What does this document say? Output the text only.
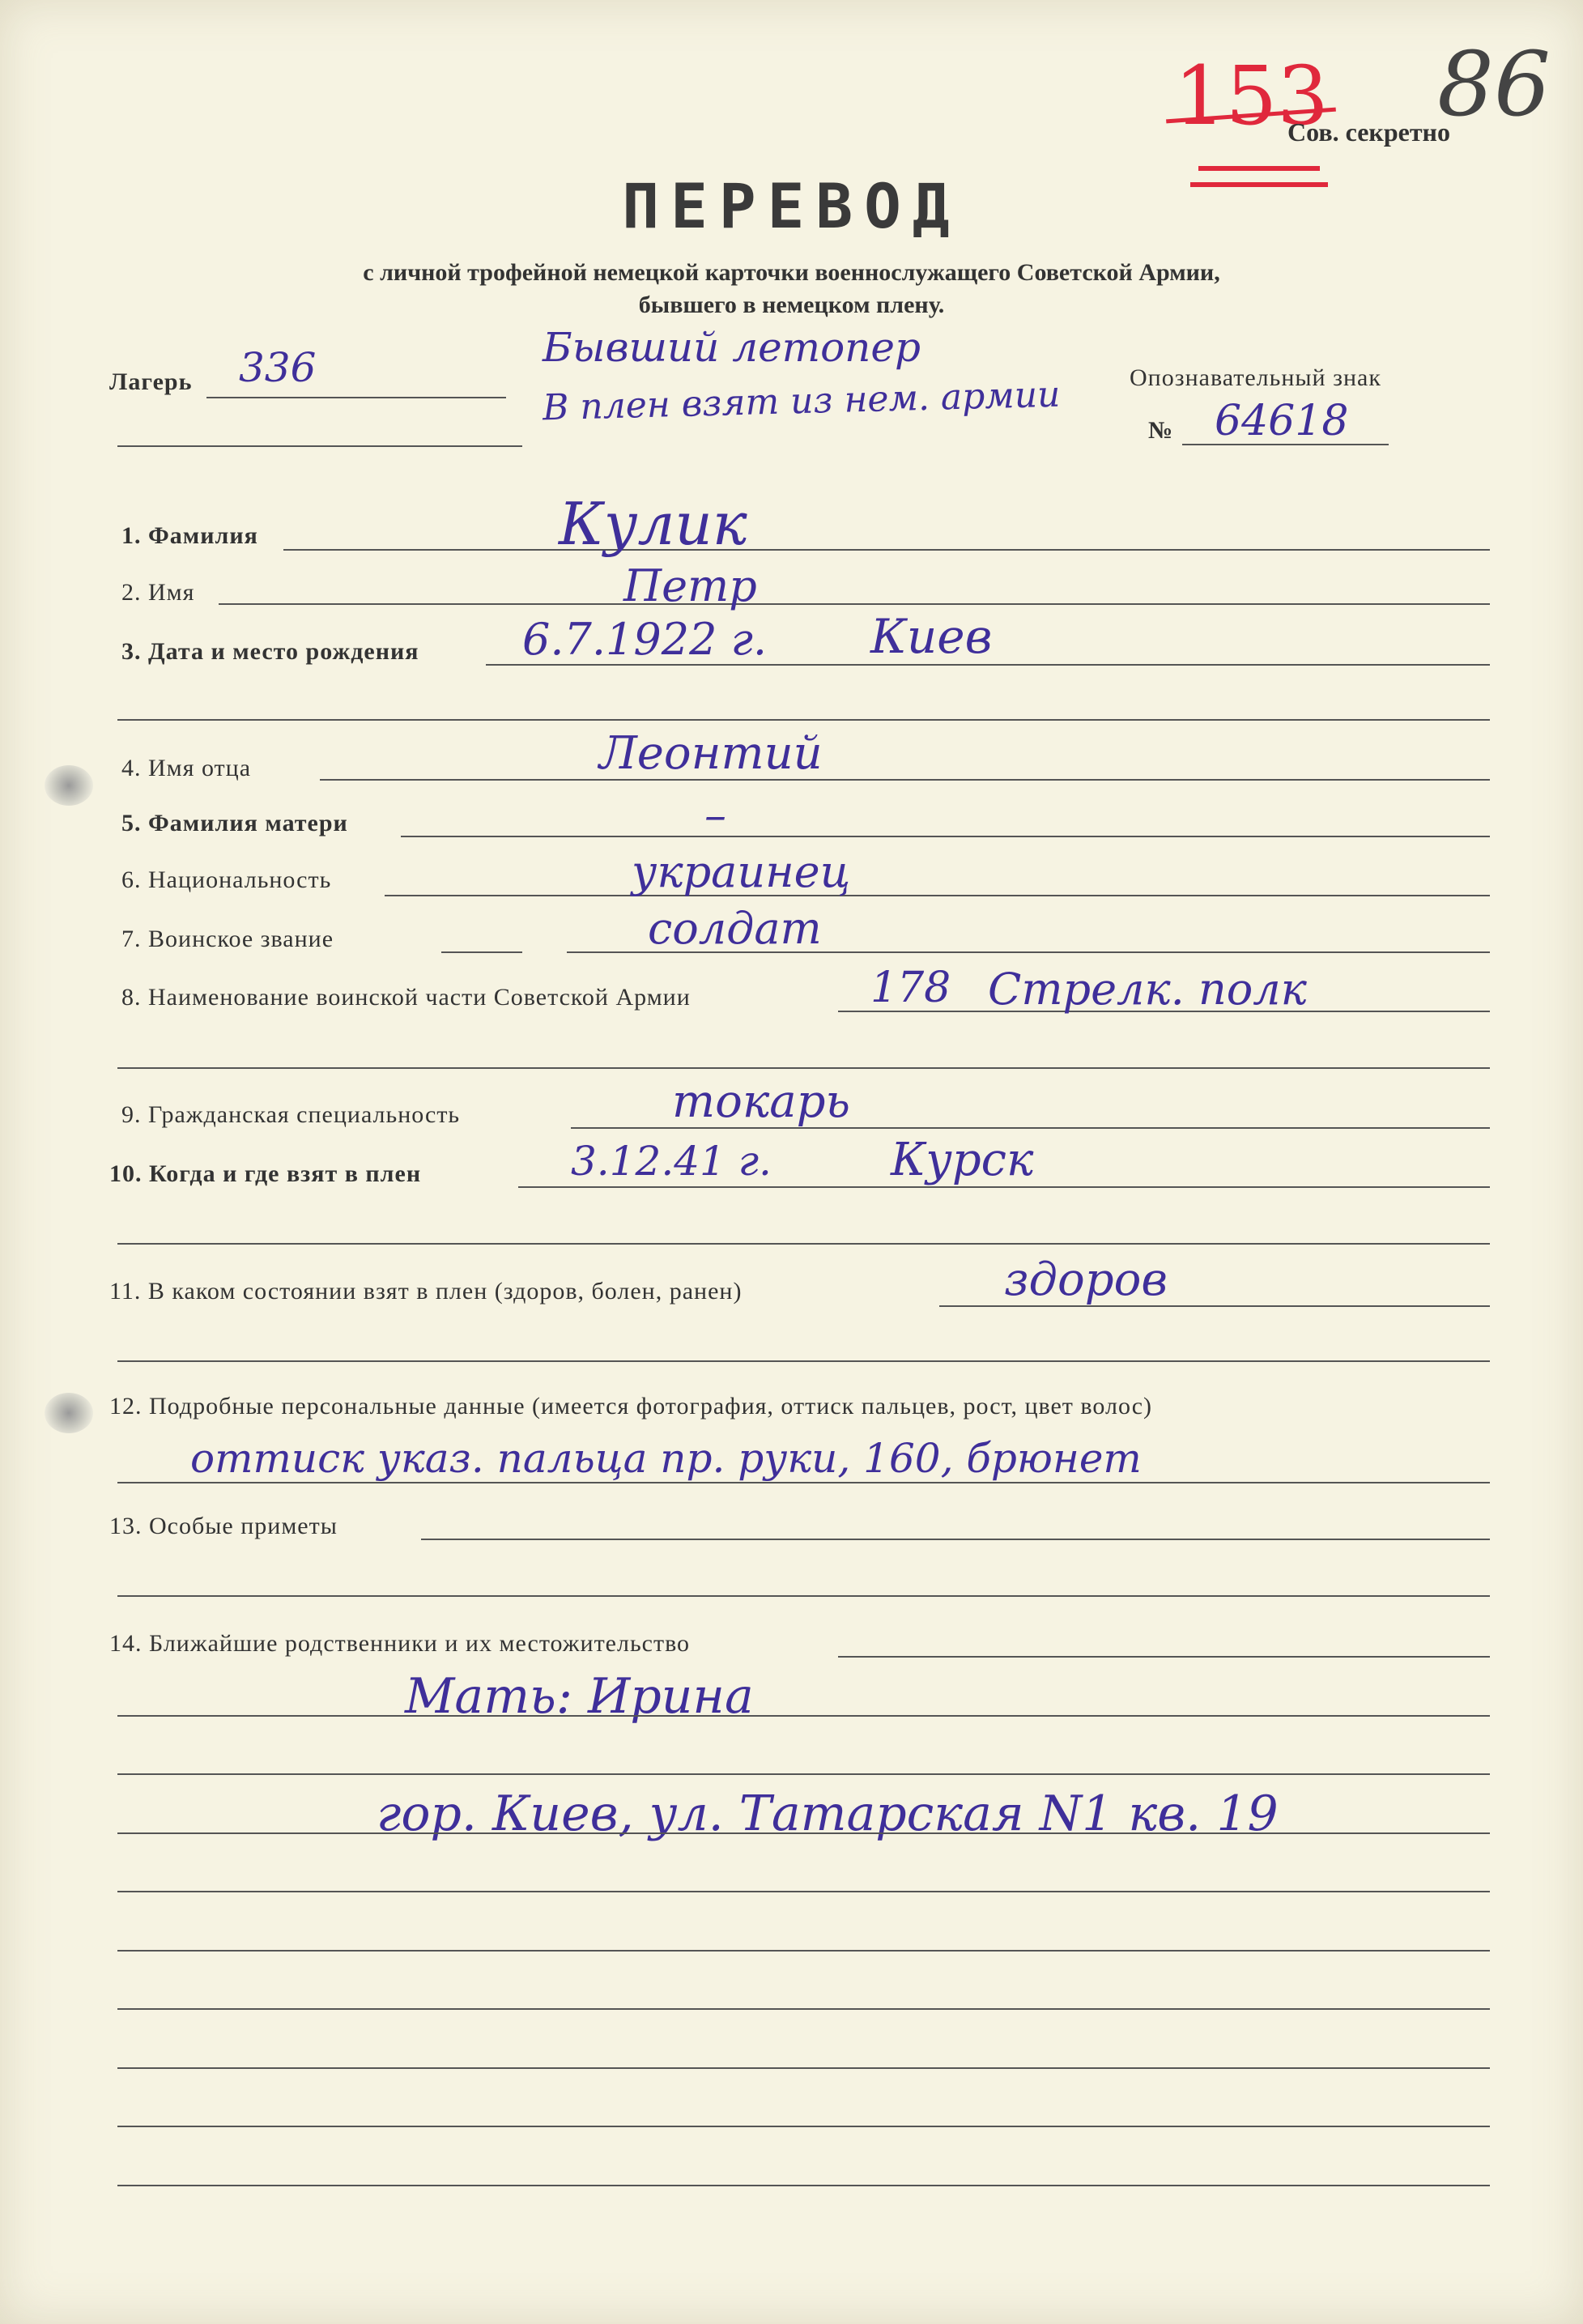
153 86
Сов. секретно
ПЕРЕВОД
с личной трофейной немецкой карточки военнослужащего Советской Армии,
бывшего в немецком плену.
Лагерь 336	Бывший летопер
В плен взят из нем. армии	Опознавательный знак
№ 64618
1. Фамилия	Кулик
2. Имя	Петр
3. Дата и место рождения 6.7.1922 г. Киев
4. Имя отца	Леонтий
5. Фамилия матери	–
6. Национальность	украинец
7. Воинское звание	солдат
8. Наименование воинской части Советской Армии	178 Стрелк. полк
9. Гражданская специальность	токарь
10. Когда и где взят в плен	3.12.41 г.	Курск
11. В каком состоянии взят в плен (здоров, болен, ранен)	здоров
12. Подробные персональные данные (имеется фотография, оттиск пальцев, рост, цвет волос)
оттиск указ. пальца пр. руки, 160, брюнет
13. Особые приметы
14. Ближайшие родственники и их местожительство
Мать: Ирина
гор. Киев, ул. Татарская N1 кв. 19
